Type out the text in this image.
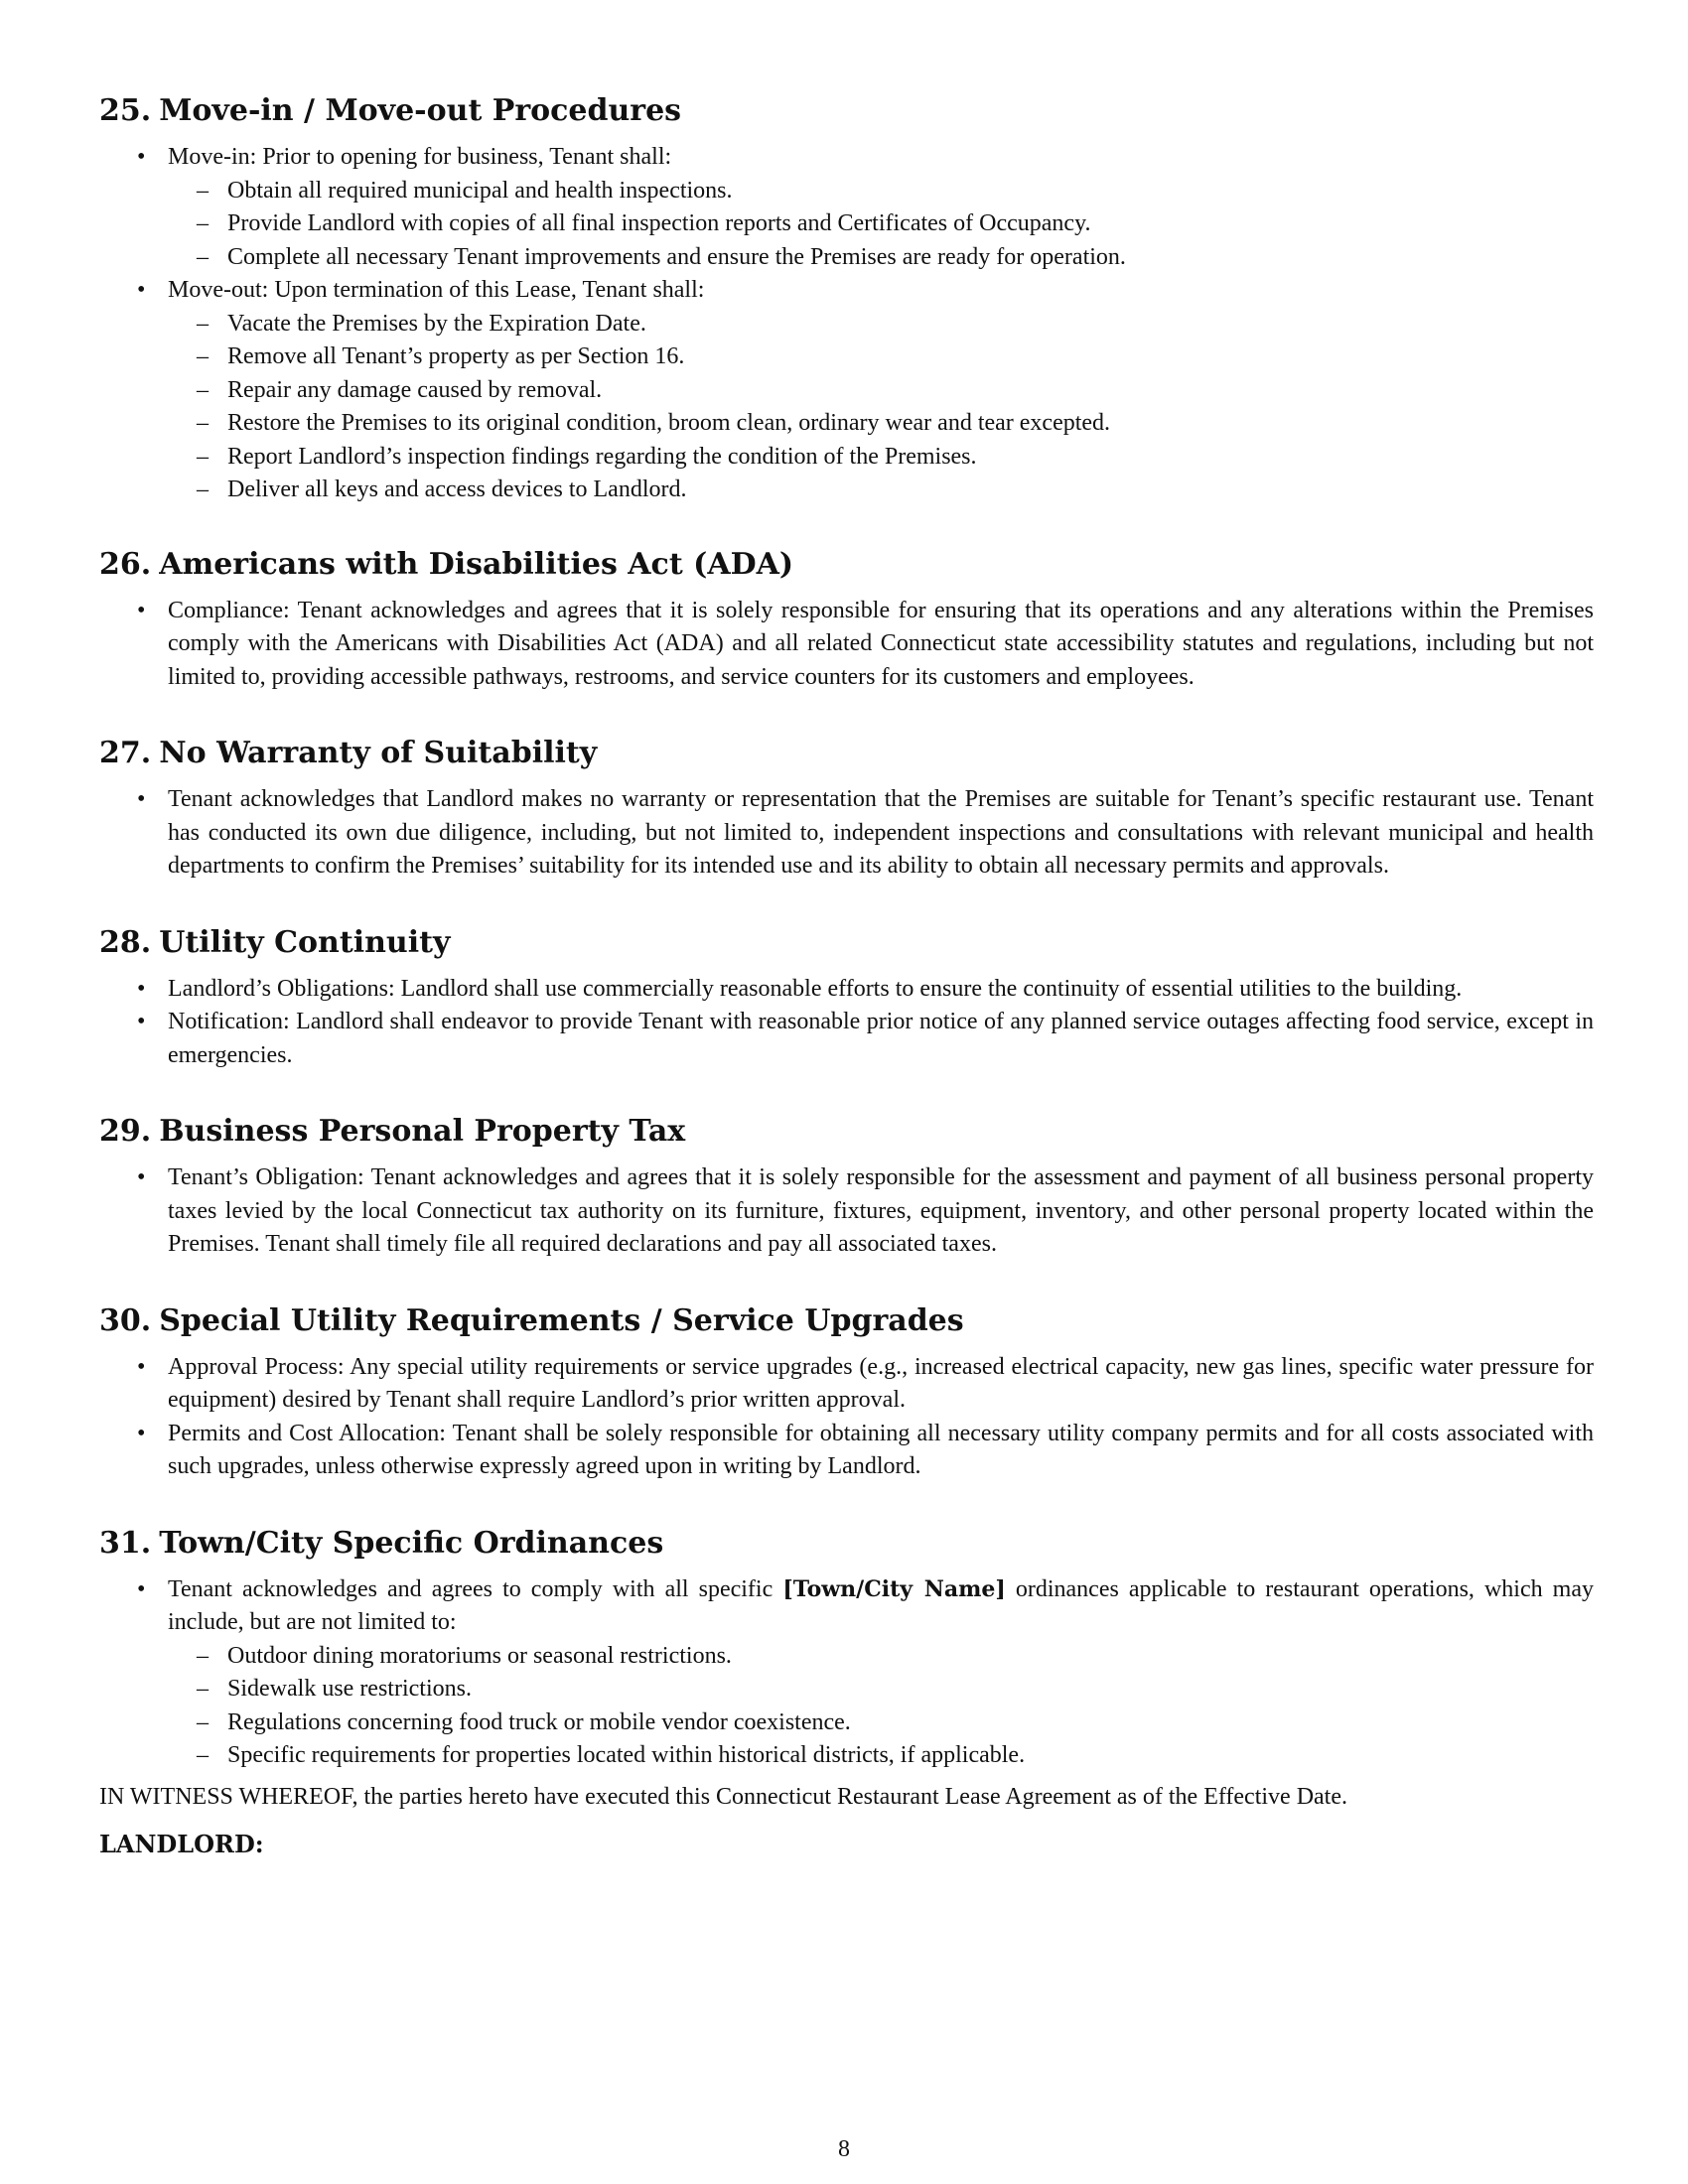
25. Move-in / Move-out Procedures
• Move-in: Prior to opening for business, Tenant shall:
– Obtain all required municipal and health inspections.
– Provide Landlord with copies of all final inspection reports and Certificates of Occupancy.
– Complete all necessary Tenant improvements and ensure the Premises are ready for operation.
• Move-out: Upon termination of this Lease, Tenant shall:
– Vacate the Premises by the Expiration Date.
– Remove all Tenant’s property as per Section 16.
– Repair any damage caused by removal.
– Restore the Premises to its original condition, broom clean, ordinary wear and tear excepted.
– Report Landlord’s inspection findings regarding the condition of the Premises.
– Deliver all keys and access devices to Landlord.
26. Americans with Disabilities Act (ADA)
• Compliance: Tenant acknowledges and agrees that it is solely responsible for ensuring that its operations and any alterations within the Premises comply with the Americans with Disabilities Act (ADA) and all related Connecticut state accessibility statutes and regulations, including but not limited to, providing accessible pathways, restrooms, and service counters for its customers and employees.
27. No Warranty of Suitability
• Tenant acknowledges that Landlord makes no warranty or representation that the Premises are suitable for Tenant’s specific restaurant use. Tenant has conducted its own due diligence, including, but not limited to, independent inspections and consultations with relevant municipal and health departments to confirm the Premises’ suitability for its intended use and its ability to obtain all necessary permits and approvals.
28. Utility Continuity
• Landlord’s Obligations: Landlord shall use commercially reasonable efforts to ensure the continuity of essential utilities to the building.
• Notification: Landlord shall endeavor to provide Tenant with reasonable prior notice of any planned service outages affecting food service, except in emergencies.
29. Business Personal Property Tax
• Tenant’s Obligation: Tenant acknowledges and agrees that it is solely responsible for the assessment and payment of all business personal property taxes levied by the local Connecticut tax authority on its furniture, fixtures, equipment, inventory, and other personal property located within the Premises. Tenant shall timely file all required declarations and pay all associated taxes.
30. Special Utility Requirements / Service Upgrades
• Approval Process: Any special utility requirements or service upgrades (e.g., increased electrical capacity, new gas lines, specific water pressure for equipment) desired by Tenant shall require Landlord’s prior written approval.
• Permits and Cost Allocation: Tenant shall be solely responsible for obtaining all necessary utility company permits and for all costs associated with such upgrades, unless otherwise expressly agreed upon in writing by Landlord.
31. Town/City Specific Ordinances
• Tenant acknowledges and agrees to comply with all specific [Town/City Name] ordinances applicable to restaurant operations, which may include, but are not limited to:
– Outdoor dining moratoriums or seasonal restrictions.
– Sidewalk use restrictions.
– Regulations concerning food truck or mobile vendor coexistence.
– Specific requirements for properties located within historical districts, if applicable.

IN WITNESS WHEREOF, the parties hereto have executed this Connecticut Restaurant Lease Agreement as of the Effective Date.

LANDLORD:
8
